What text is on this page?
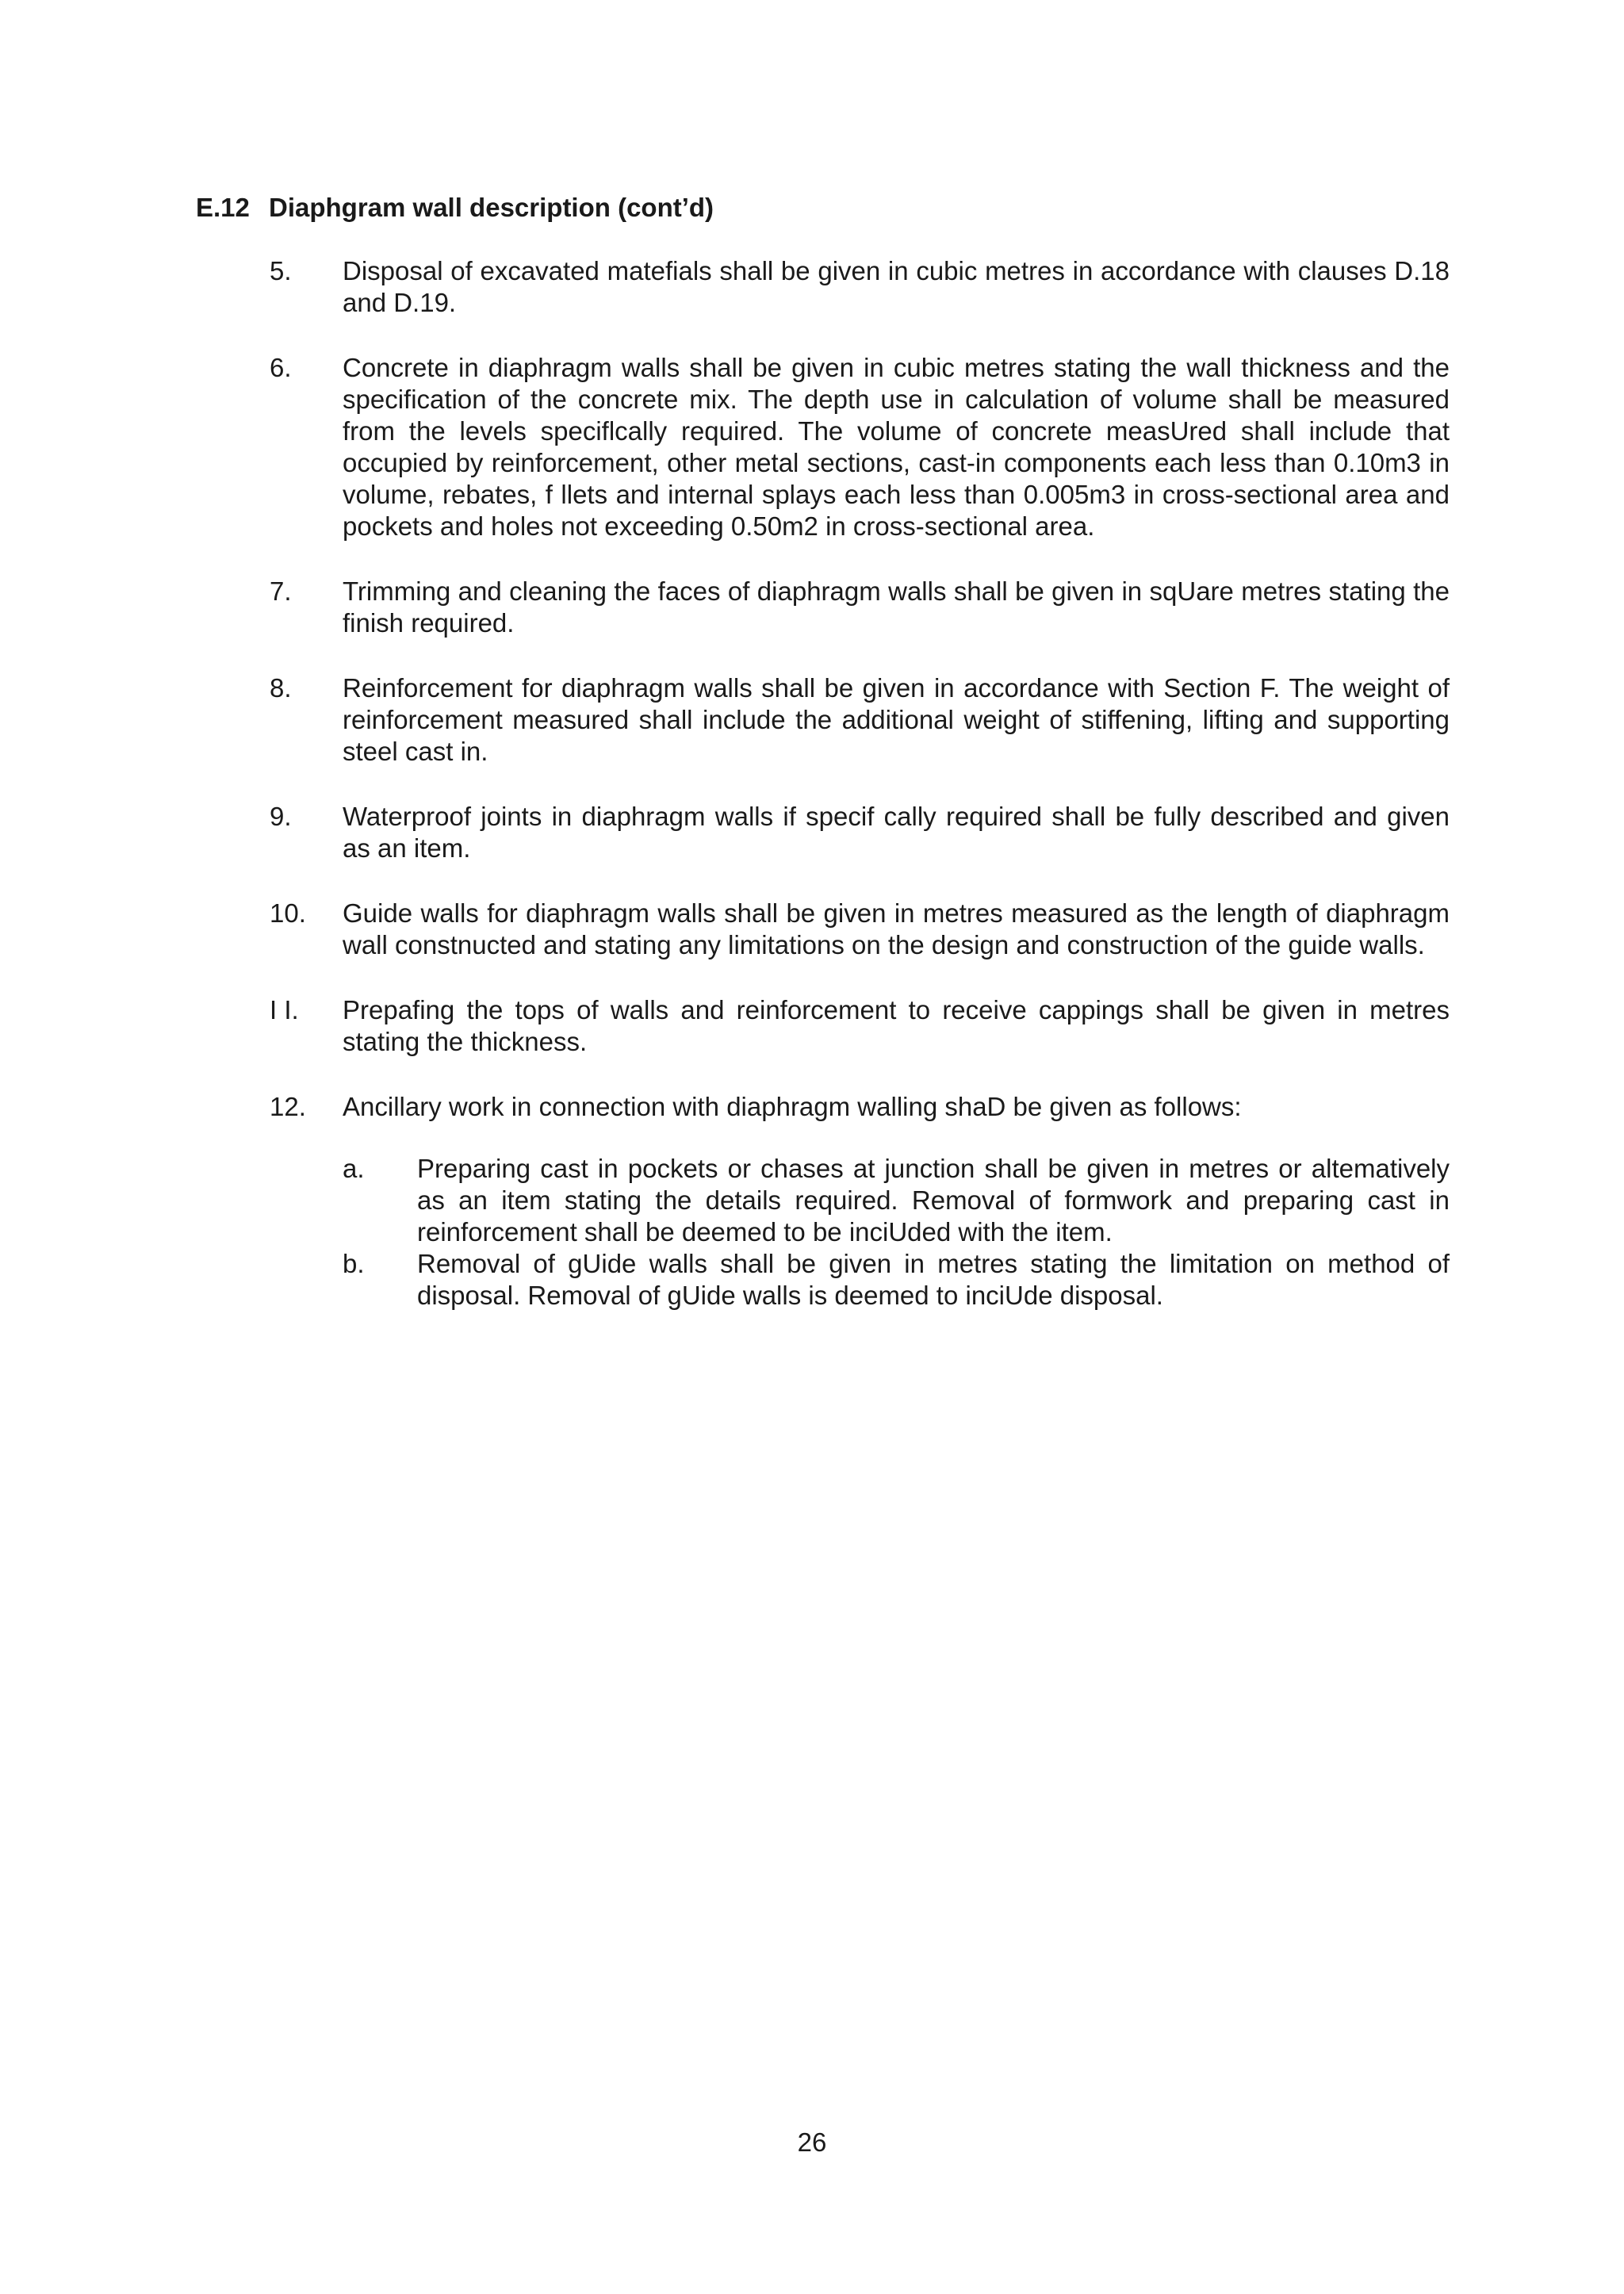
E.12 Diaphgram wall description (cont’d)
5. Disposal of excavated matefials shall be given in cubic metres in accordance with clauses D.18 and D.19.
6. Concrete in diaphragm walls shall be given in cubic metres stating the wall thickness and the specification of the concrete mix. The depth use in calculation of volume shall be measured from the levels speciflcally required. The volume of concrete measUred shall include that occupied by reinforcement, other metal sections, cast-in components each less than 0.10m3 in volume, rebates, f llets and internal splays each less than 0.005m3 in cross-sectional area and pockets and holes not exceeding 0.50m2 in cross-sectional area.
7. Trimming and cleaning the faces of diaphragm walls shall be given in sqUare metres stating the finish required.
8. Reinforcement for diaphragm walls shall be given in accordance with Section F. The weight of reinforcement measured shall include the additional weight of stiffening, lifting and supporting steel cast in.
9. Waterproof joints in diaphragm walls if specif cally required shall be fully described and given as an item.
10. Guide walls for diaphragm walls shall be given in metres measured as the length of diaphragm wall constnucted and stating any limitations on the design and construction of the guide walls.
I I. Prepafing the tops of walls and reinforcement to receive cappings shall be given in metres stating the thickness.
12. Ancillary work in connection with diaphragm walling shaD be given as follows:
a. Preparing cast in pockets or chases at junction shall be given in metres or altematively as an item stating the details required. Removal of formwork and preparing cast in reinforcement shall be deemed to be inciUded with the item.
b. Removal of gUide walls shall be given in metres stating the limitation on method of disposal. Removal of gUide walls is deemed to inciUde disposal.
26
